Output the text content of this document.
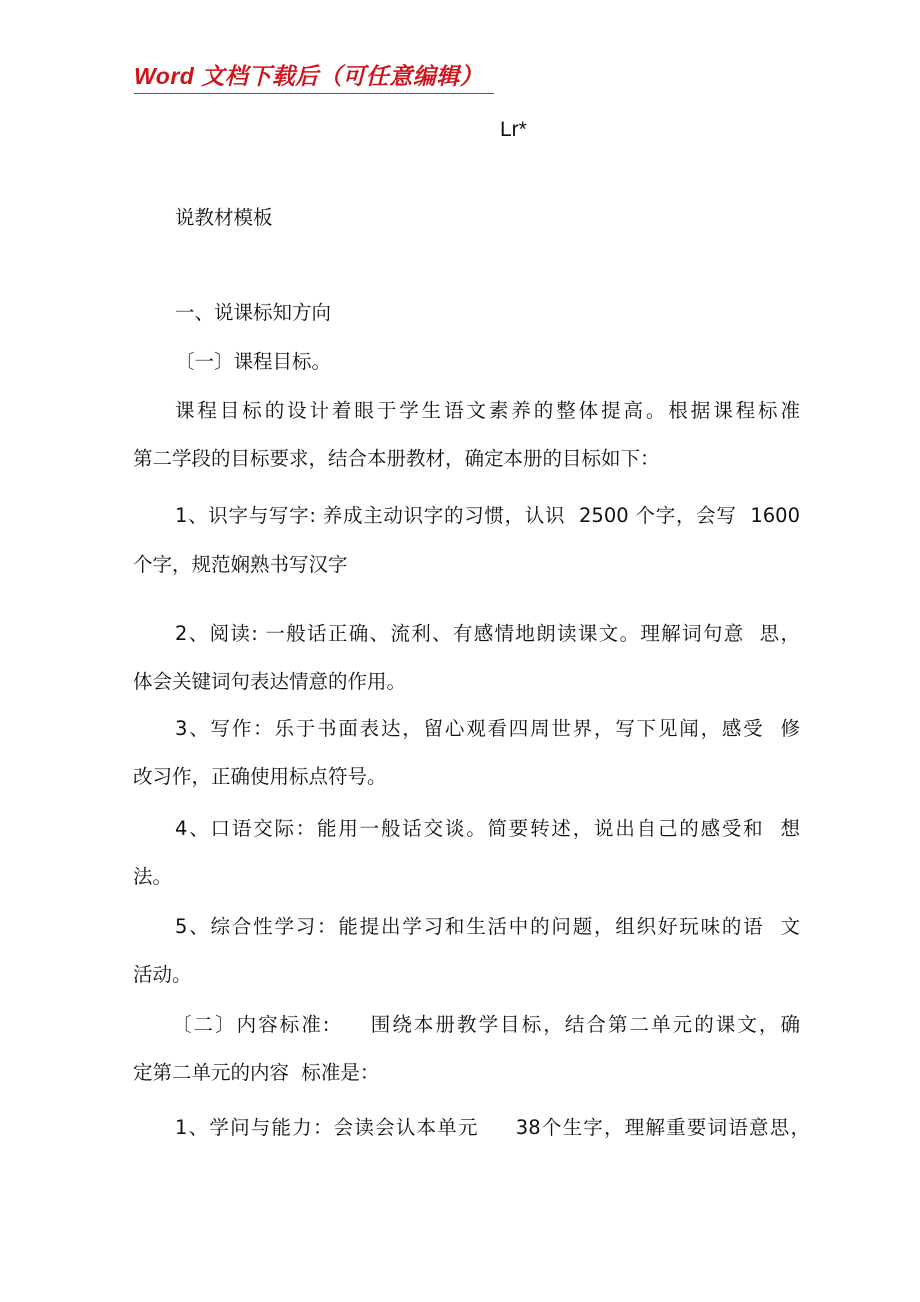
Word 文档下载后（可任意编辑）
Lr*
说教材模板
一、说课标知方向
〔一〕课程目标。
课程目标的设计着眼于学生语文素养的整体提高。根据课程标准
第二学段的目标要求，结合本册教材，确定本册的目标如下：
1、识字与写字: 养成主动识字的习惯，认识  2500 个字，会写  1600
个字，规范娴熟书写汉字
2、阅读: 一般话正确、流利、有感情地朗读课文。理解词句意  思，
体会关键词句表达情意的作用。
3、写作：乐于书面表达，留心观看四周世界，写下见闻，感受  修
改习作，正确使用标点符号。
4、口语交际：能用一般话交谈。简要转述，说出自己的感受和  想
法。
5、综合性学习：能提出学习和生活中的问题，组织好玩味的语  文
活动。
〔二〕内容标准:     围绕本册教学目标，结合第二单元的课文，确
定第二单元的内容  标准是：
1、学问与能力：会读会认本单元     38个生字，理解重要词语意思，
